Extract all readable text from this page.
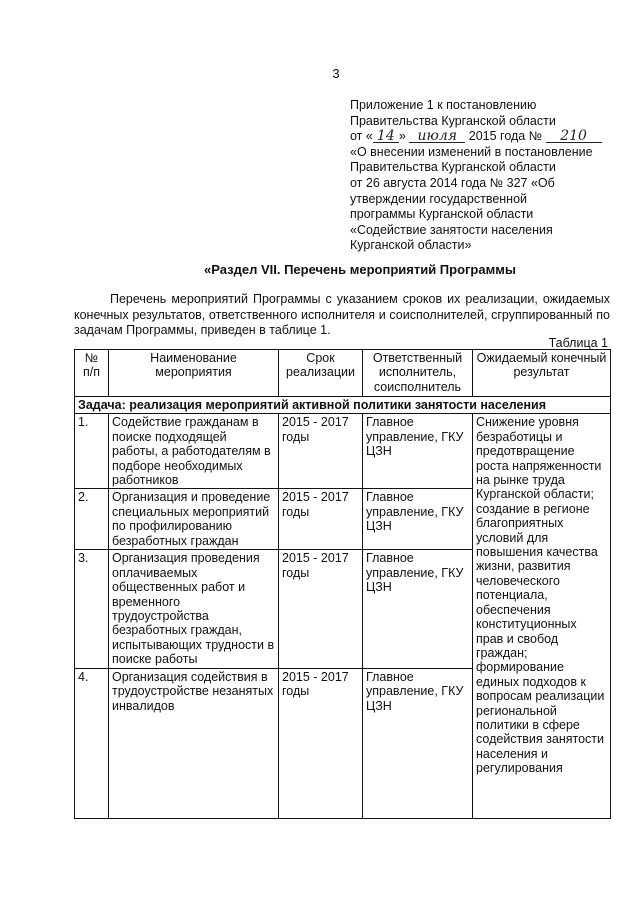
3
Приложение 1 к постановлению
Правительства Курганской области
от « 14 » июля 2015 года № 210
«О внесении изменений в постановление
Правительства Курганской области
от 26 августа 2014 года № 327 «Об
утверждении государственной
программы Курганской области
«Содействие занятости населения
Курганской области»
«Раздел VII. Перечень мероприятий Программы
Перечень мероприятий Программы с указанием сроков их реализации, ожидаемых конечных результатов, ответственного исполнителя и соисполнителей, сгруппированный по задачам Программы, приведен в таблице 1.
Таблица 1
№ п/п	Наименование мероприятия	Срок реализации	Ответственный исполнитель, соисполнитель	Ожидаемый конечный результат
Задача: реализация мероприятий активной политики занятости населения				
1.	Содействие гражданам в поиске подходящей работы, а работодателям в подборе необходимых работников	2015 - 2017 годы	Главное управление, ГКУ ЦЗН	Снижение уровня безработицы и предотвращение роста напряженности на рынке труда Курганской области; создание в регионе благоприятных условий для повышения качества жизни, развития человеческого потенциала, обеспечения конституционных прав и свобод граждан; формирование единых подходов к вопросам реализации региональной политики в сфере содействия занятости населения и регулирования
2.	Организация и проведение специальных мероприятий по профилированию безработных граждан	2015 - 2017 годы	Главное управление, ГКУ ЦЗН	
3.	Организация проведения оплачиваемых общественных работ и временного трудоустройства безработных граждан, испытывающих трудности в поиске работы	2015 - 2017 годы	Главное управление, ГКУ ЦЗН	
4.	Организация содействия в трудоустройстве незанятых инвалидов	2015 - 2017 годы	Главное управление, ГКУ ЦЗН	
